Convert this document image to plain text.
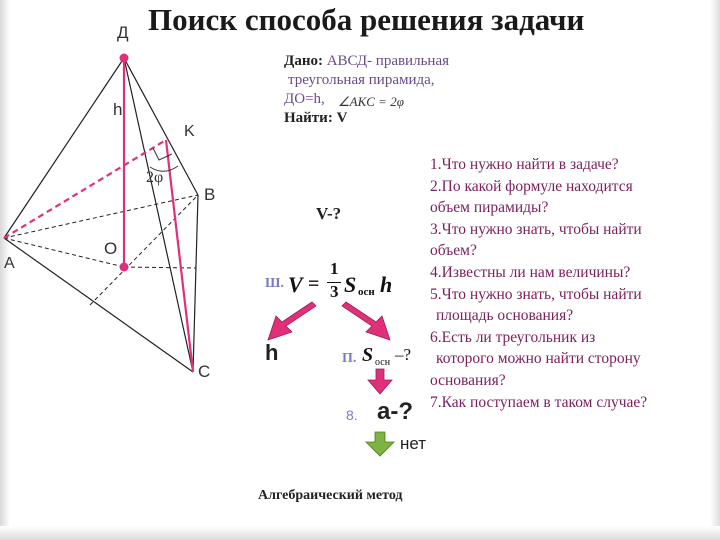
Поиск способа решения задачи
Д
h
K
2φ
B
O
A
C
Дано: АВСД- правильная
треугольная пирамида,
ДО=h,
Найти: V
∠AKC = 2φ
1.Что нужно найти в задаче?
2.По какой формуле находится
объем пирамиды?
3.Что нужно знать, чтобы найти
объем?
4.Известны ли нам величины?
5.Что нужно знать, чтобы найти
площадь основания?
6.Есть ли треугольник из
которого можно найти сторону
основания?
7.Как поступаем в таком случае?
V-?
Ш. V =
1
3 S осн h
h	П. S осн –?
8. a-?
нет
Алгебраический метод
